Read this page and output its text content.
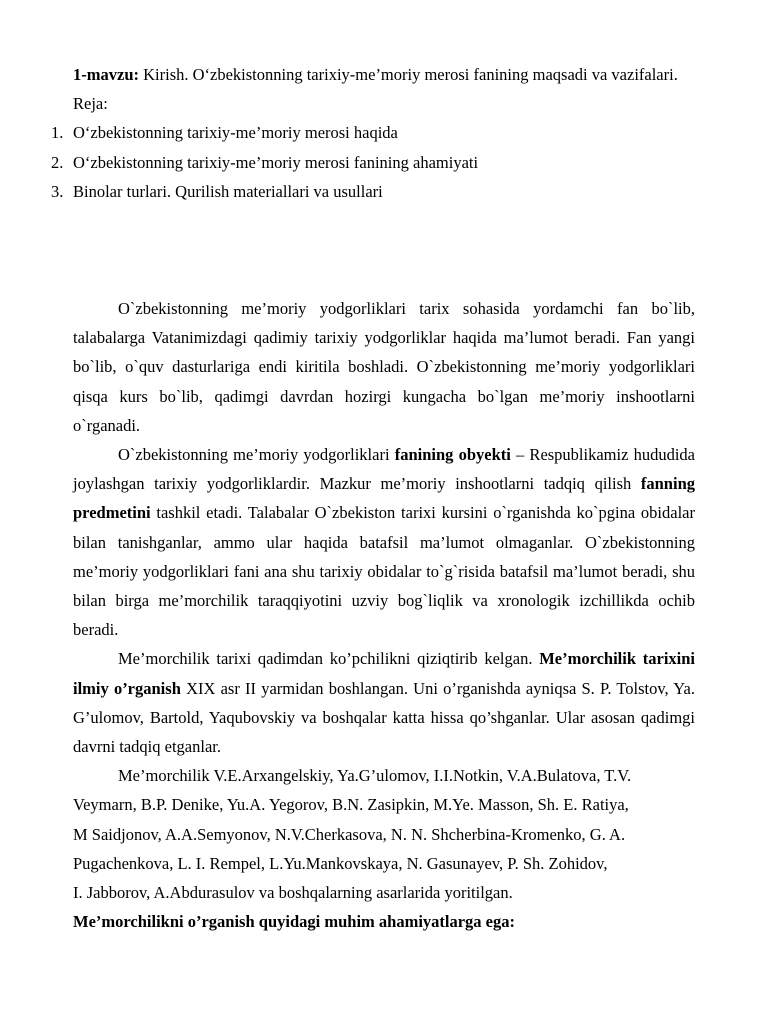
1-mavzu: Kirish. O‘zbekistonning tarixiy-me’moriy merosi fanining maqsadi va vazifalari.

Reja:

1. O‘zbekistonning tarixiy-me’moriy merosi haqida
2. O‘zbekistonning tarixiy-me’moriy merosi fanining ahamiyati
3. Binolar turlari. Qurilish materiallari va usullari

O`zbekistonning me’moriy yodgorliklari tarix sohasida yordamchi fan bo`lib, talabalarga Vatanimizdagi qadimiy tarixiy yodgorliklar haqida ma’lumot beradi. Fan yangi bo`lib, o`quv dasturlariga endi kiritila boshladi. O`zbekistonning me’moriy yodgorliklari qisqa kurs bo`lib, qadimgi davrdan hozirgi kungacha bo`lgan me’moriy inshootlarni o`rganadi.

O`zbekistonning me’moriy yodgorliklari fanining obyekti – Respublikamiz hududida joylashgan tarixiy yodgorliklardir. Mazkur me’moriy inshootlarni tadqiq qilish fanning predmetini tashkil etadi. Talabalar O`zbekiston tarixi kursini o`rganishda ko`pgina obidalar bilan tanishganlar, ammo ular haqida batafsil ma’lumot olmaganlar. O`zbekistonning me’moriy yodgorliklari fani ana shu tarixiy obidalar to`g`risida batafsil ma’lumot beradi, shu bilan birga me’morchilik taraqqiyotini uzviy bog`liqlik va xronologik izchillikda ochib beradi.

Me’morchilik tarixi qadimdan ko’pchilikni qiziqtirib kelgan. Me’morchilik tarixini ilmiy o’rganish XIX asr II yarmidan boshlangan. Uni o’rganishda ayniqsa S. P. Tolstov, Ya. G’ulomov, Bartold, Yaqubovskiy va boshqalar katta hissa qo’shganlar. Ular asosan qadimgi davrni tadqiq etganlar.

Me’morchilik V.E.Arxangelskiy, Ya.G’ulomov, I.I.Notkin, V.A.Bulatova, T.V.
Veymarn, B.P. Denike, Yu.A. Yegorov, B.N. Zasipkin, M.Ye. Masson, Sh. E. Ratiya,
M Saidjonov, A.A.Semyonov, N.V.Cherkasova, N. N. Shcherbina-Kromenko, G. A.
Pugachenkova, L. I. Rempel, L.Yu.Mankovskaya, N. Gasunayev, P. Sh. Zohidov,
I. Jabborov, A.Abdurasulov va boshqalarning asarlarida yoritilgan.

Me’morchilikni o’rganish quyidagi muhim ahamiyatlarga ega:
